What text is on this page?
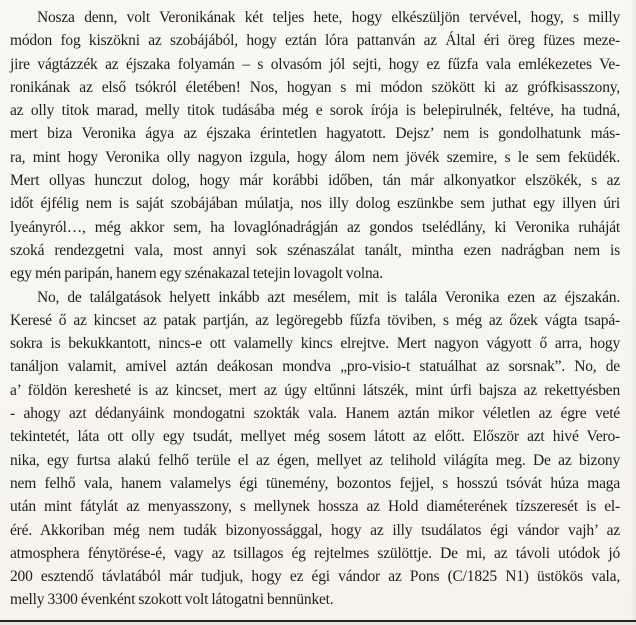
Nosza denn, volt Veronikának két teljes hete, hogy elkészüljön tervével, hogy, s milly
módon fog kiszökni az szobájából, hogy eztán lóra pattanván az Által éri öreg füzes meze-
jire vágtázzék az éjszaka folyamán – s olvasóm jól sejti, hogy ez fűzfa vala emlékezetes Ve-
ronikának az első tsókról életében! Nos, hogyan s mi módon szökött ki az grófkisasszony,
az olly titok marad, melly titok tudásába még e sorok írója is belepirulnék, feltéve, ha tudná,
mert biza Veronika ágya az éjszaka érintetlen hagyatott. Dejsz’ nem is gondolhatunk más-
ra, mint hogy Veronika olly nagyon izgula, hogy álom nem jövék szemire, s le sem feküdék.
Mert ollyas hunczut dolog, hogy már korábbi időben, tán már alkonyatkor elszökék, s az
időt éjfélig nem is saját szobájában múlatja, nos illy dolog eszünkbe sem juthat egy illyen úri
lyeányról…, még akkor sem, ha lovaglónadrágján az gondos tselédlány, ki Veronika ruháját
szoká rendezgetni vala, most annyi sok szénaszálat tanált, mintha ezen nadrágban nem is
egy mén paripán, hanem egy szénakazal tetejin lovagolt volna.
No, de találgatások helyett inkább azt mesélem, mit is talála Veronika ezen az éjszakán.
Keresé ő az kincset az patak partján, az legöregebb fűzfa töviben, s még az őzek vágta tsapá-
sokra is bekukkantott, nincs-e ott valamelly kincs elrejtve. Mert nagyon vágyott ő arra, hogy
tanáljon valamit, amivel aztán deákosan mondva „pro-visio-t statuálhat az sorsnak”. No, de
a’ földön keresheté is az kincset, mert az úgy eltűnni látszék, mint úrfi bajsza az rekettyésben
- ahogy azt dédanyáink mondogatni szokták vala. Hanem aztán mikor véletlen az égre veté
tekintetét, láta ott olly egy tsudát, mellyet még sosem látott az előtt. Először azt hivé Vero-
nika, egy furtsa alakú felhő terüle el az égen, mellyet az telihold világíta meg. De az bizony
nem felhő vala, hanem valamelys égi tünemény, bozontos fejjel, s hosszú tsóvát húza maga
után mint fátylát az menyasszony, s mellynek hossza az Hold diaméterének tízszeresét is el-
éré. Akkoriban még nem tudák bizonyossággal, hogy az illy tsudálatos égi vándor vajh’ az
atmosphera fénytörése-é, vagy az tsillagos ég rejtelmes szülöttje. De mi, az távoli utódok jó
200 esztendő távlatából már tudjuk, hogy ez égi vándor az Pons (C/1825 N1) üstökös vala,
melly 3300 évenként szokott volt látogatni bennünket.
